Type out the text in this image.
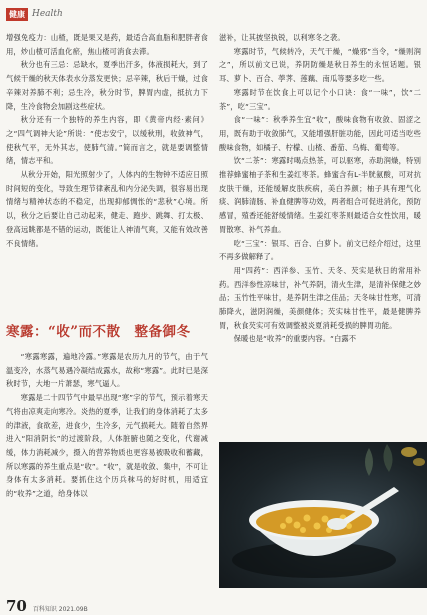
健康 Health

增强免疫力：山楂，既是果又是药，最适合高血脂和肥胖者食用，炒山楂可活血化瘀，焦山楂可消食去滞。

秋分也有三忌：忌缺水，夏季出汗多，体液损耗大，到了气候干燥的秋天体表水分蒸发更快；忌辛辣，秋后干燥，过食辛辣对养肺不利；忌生冷，秋分时节，脾胃内虚，抵抗力下降，生冷食物会加剧这些症状。

秋分还有一个独特的养生内容，即《黄帝内经·素问》之“四气调神大论”所说：“使志安宁，以缓秋刑，收敛神气，使秋气平，无外其志，使肺气清。”简而言之，就是要调整情绪，情志平和。

从秋分开始，阳光照射少了，人体内的生物钟不适应日照时间短的变化，导致生理节律紊乱和内分泌失调，很容易出现情绪与精神状态的不稳定，出现抑郁惆怅的“悲秋”心境。所以，秋分之后要让自己动起来，健走、跑步、跳舞、打太极、登高远眺都是不错的运动，既能让人神清气爽，又能有效改善不良情绪。

寒露：“收”而不散　整备御冬

“寒露寒露，遍地冷露。”寒露是农历九月的节气，由于气温变冷，水蒸气易遇冷凝结成露水，故称“寒露”。此时已是深秋时节，大地一片萧瑟，寒气逼人。

寒露是二十四节气中最早出现“寒”字的节气，预示着寒天气将由凉爽走向寒冷。炎热的夏季，让我们的身体消耗了太多的津液，食欲差，进食少，生冷多，元气损耗大。随着自然界进入“阳消阴长”的过渡阶段，人体脏腑也随之变化，代谢减缓，体力消耗减少，摄入的营养物质也更容易被吸收和蓄藏，所以寒露的养生重点是“收”。“收”，就是收敛、集中，不可让身体有太多消耗。要抓住这个历兵秣马的好时机，用适宜的“收养”之道，给身体以

滋补，让其披坚执锐，以利寒冬之袭。

寒露时节，气候转冷，天气干燥，“燥邪”当令，“燥则润之”，所以前文已说，养阴防燥是秋日养生的永恒话题。银耳、萝卜、百合、荸荠、莲藕、南瓜等要多吃一些。

寒露时节在饮食上可以记个小口诀：食“一味”，饮“二茶”，吃“三宝”。

食“一味”：秋季养生宜“收”，酸味食物有收敛、固涩之用，既有助于收敛肺气，又能增强肝脏功能，因此可适当吃些酸味食物，如橘子、柠檬、山楂、番茄、乌梅、葡萄等。

饮“二茶”：寒露时喝点热茶，可以驱寒，赤助润燥，特别推荐蜂蜜柚子茶和生姜红枣茶。蜂蜜含有L-半胱氨酸，可对抗皮肤干燥，还能缓解皮肤疾病，美白养颜；柚子具有理气化痰、润肺清肠、补血健脾等功效，两者组合可促进消化，预防感冒，殖香还能舒缓情绪。生姜红枣茶则最适合女性饮用，暖胃散寒、补气养血。

吃“三宝”：银耳、百合、白萝卜。前文已经介绍过，这里不再多做解释了。

用“四药”：西洋参、玉竹、天冬、芡实是秋日的常用补药。西洋参性凉味甘，补气养阴，清火生津，是清补保健之妙品；玉竹性平味甘，是养阴生津之佳品；天冬味甘性寒，可清肺降火，滋阴润燥，美颜健体；芡实味甘性平，最是健脾养胃，秋食芡实可有效调整被炎夏消耗受损的脾胃功能。

保暖也是“收养”的重要内容。“白露不

70 百科知识 2021.09B
